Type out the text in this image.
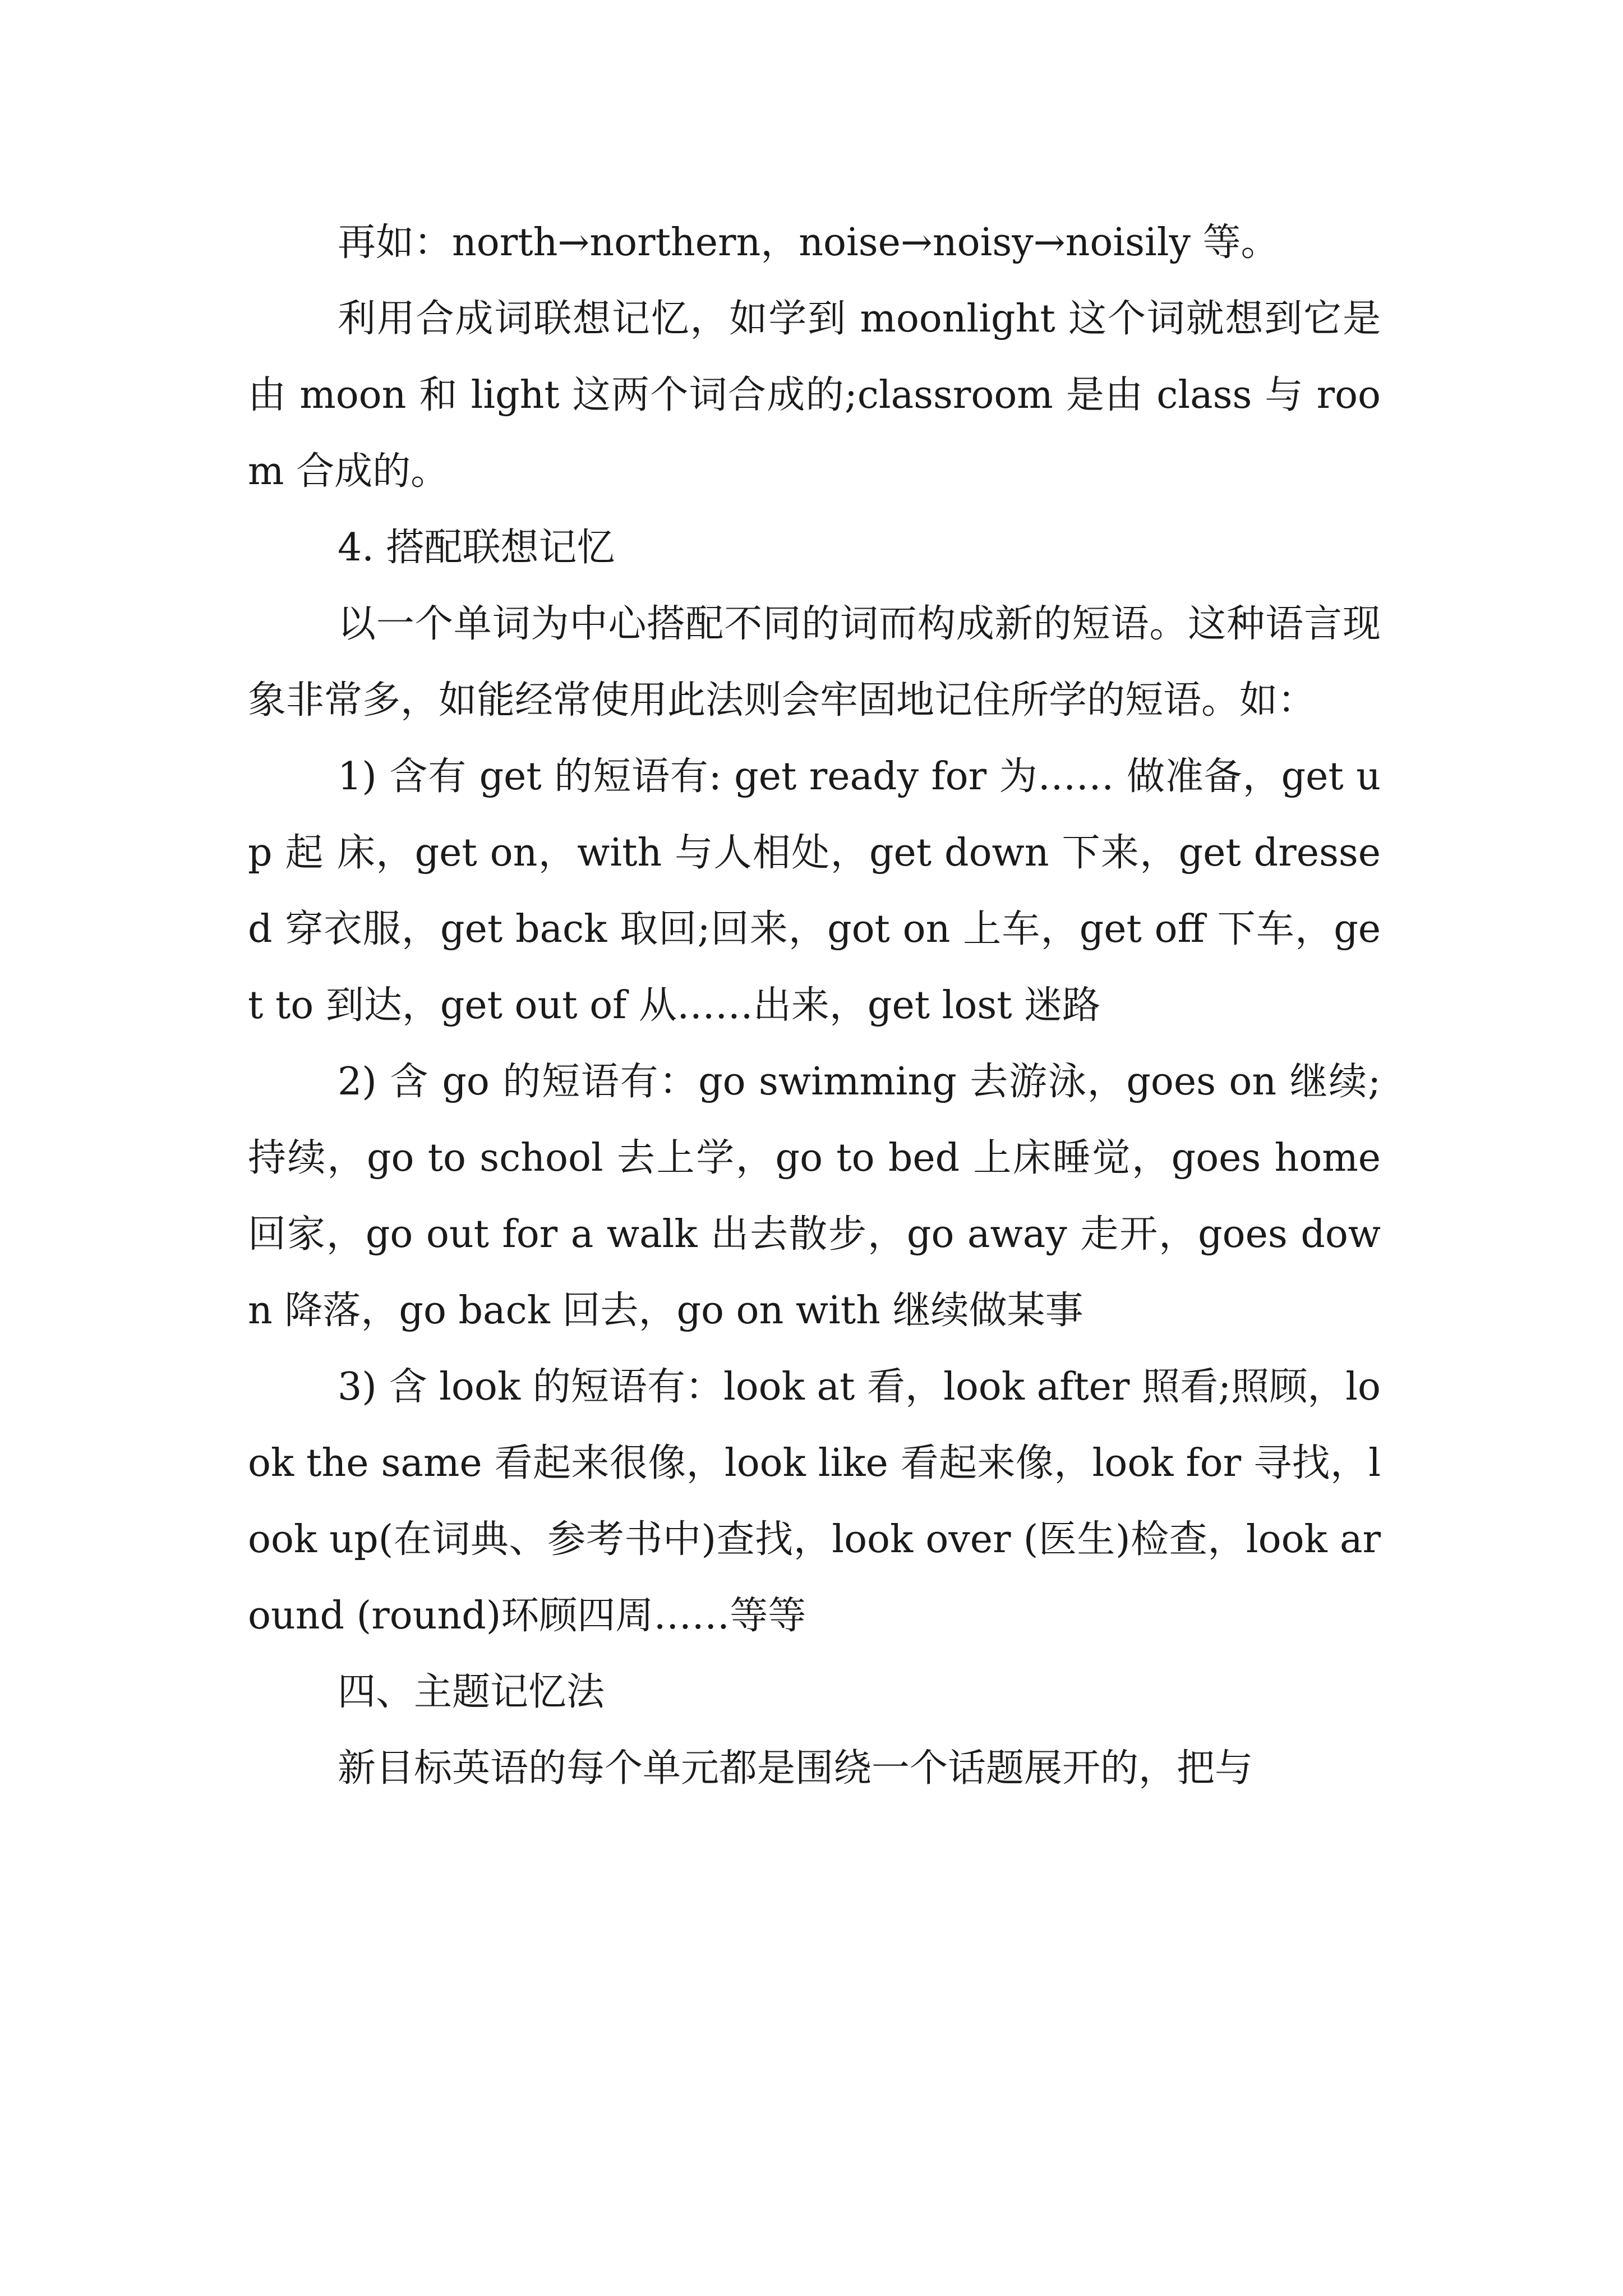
再如：north→northern，noise→noisy→noisily 等。

利用合成词联想记忆，如学到 moonlight 这个词就想到它是由 moon 和 light 这两个词合成的;classroom 是由 class 与 room 合成的。

4. 搭配联想记忆

以一个单词为中心搭配不同的词而构成新的短语。这种语言现象非常多，如能经常使用此法则会牢固地记住所学的短语。如：

1) 含有 get 的短语有: get ready for 为…… 做准备，get up 起 床，get on，with 与人相处，get down 下来，get dressed 穿衣服，get back 取回;回来，got on 上车，get off 下车，get to 到达，get out of 从……出来，get lost 迷路

2) 含 go 的短语有：go swimming 去游泳，goes on 继续;持续，go to school 去上学，go to bed 上床睡觉，goes home 回家，go out for a walk 出去散步，go away 走开，goes down 降落，go back 回去，go on with 继续做某事

3) 含 look 的短语有：look at 看，look after 照看;照顾，look the same 看起来很像，look like 看起来像，look for 寻找，look up(在词典、参考书中)查找，look over (医生)检查，look around (round)环顾四周……等等

四、主题记忆法

新目标英语的每个单元都是围绕一个话题展开的，把与
